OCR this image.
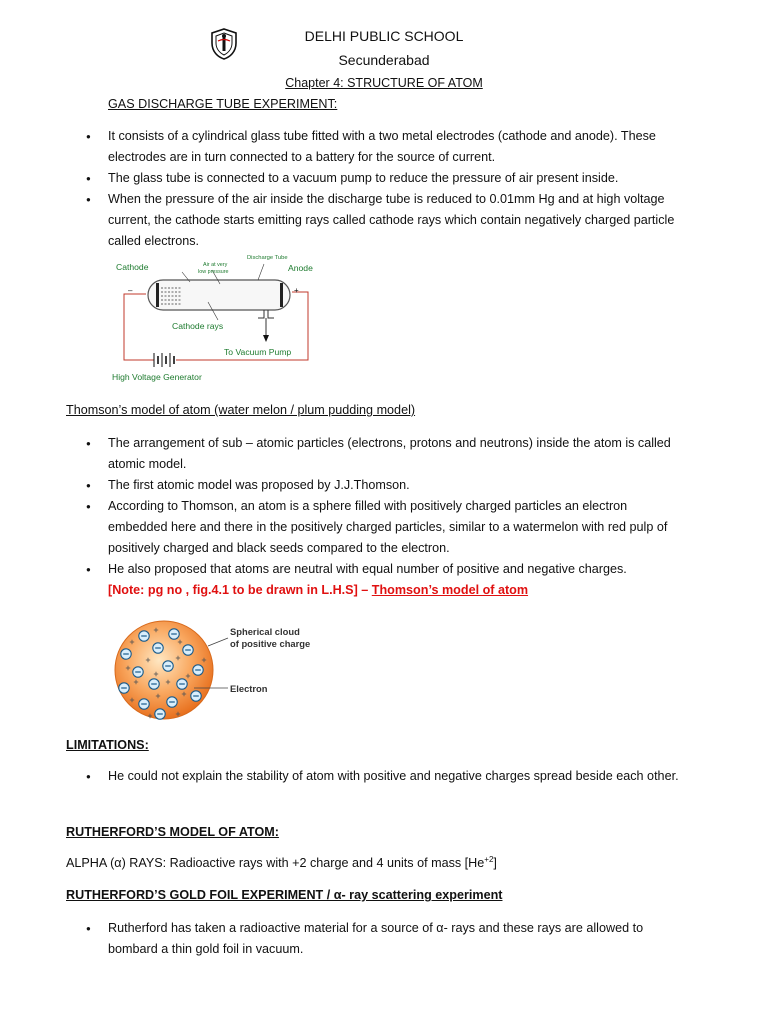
DELHI PUBLIC SCHOOL
Secunderabad
Chapter 4: STRUCTURE OF ATOM
GAS DISCHARGE TUBE EXPERIMENT:
● It consists of a cylindrical glass tube fitted with a two metal electrodes (cathode and anode). These electrodes are in turn connected to a battery for the source of current.
● The glass tube is connected to a vacuum pump to reduce the pressure of air present inside.
● When the pressure of the air inside the discharge tube is reduced to 0.01mm Hg and at high voltage current, the cathode starts emitting rays called cathode rays which contain negatively charged particle called electrons.
Cathode	Air at very
low pressure
Discharge Tube
Anode
–	+
Cathode rays
To Vacuum Pump
High Voltage Generator
Thomson’s model of atom (water melon / plum pudding model)
● The arrangement of sub – atomic particles (electrons, protons and neutrons) inside the atom is called atomic model.
● The first atomic model was proposed by J.J.Thomson.
● According to Thomson, an atom is a sphere filled with positively charged particles an electron embedded here and there in the positively charged particles, similar to a watermelon with red pulp of positively charged and black seeds compared to the electron.
● He also proposed that atoms are neutral with equal number of positive and negative charges.
[Note: pg no , fig.4.1 to be drawn in L.H.S] – Thomson’s model of atom
Spherical cloud
of positive charge
Electron
LIMITATIONS:
● He could not explain the stability of atom with positive and negative charges spread beside each other.
RUTHERFORD’S MODEL OF ATOM:
ALPHA (α) RAYS: Radioactive rays with +2 charge and 4 units of mass $[He^{+2}]$
RUTHERFORD’S GOLD FOIL EXPERIMENT / α- ray scattering experiment
● Rutherford has taken a radioactive material for a source of α- rays and these rays are allowed to bombard a thin gold foil in vacuum.
